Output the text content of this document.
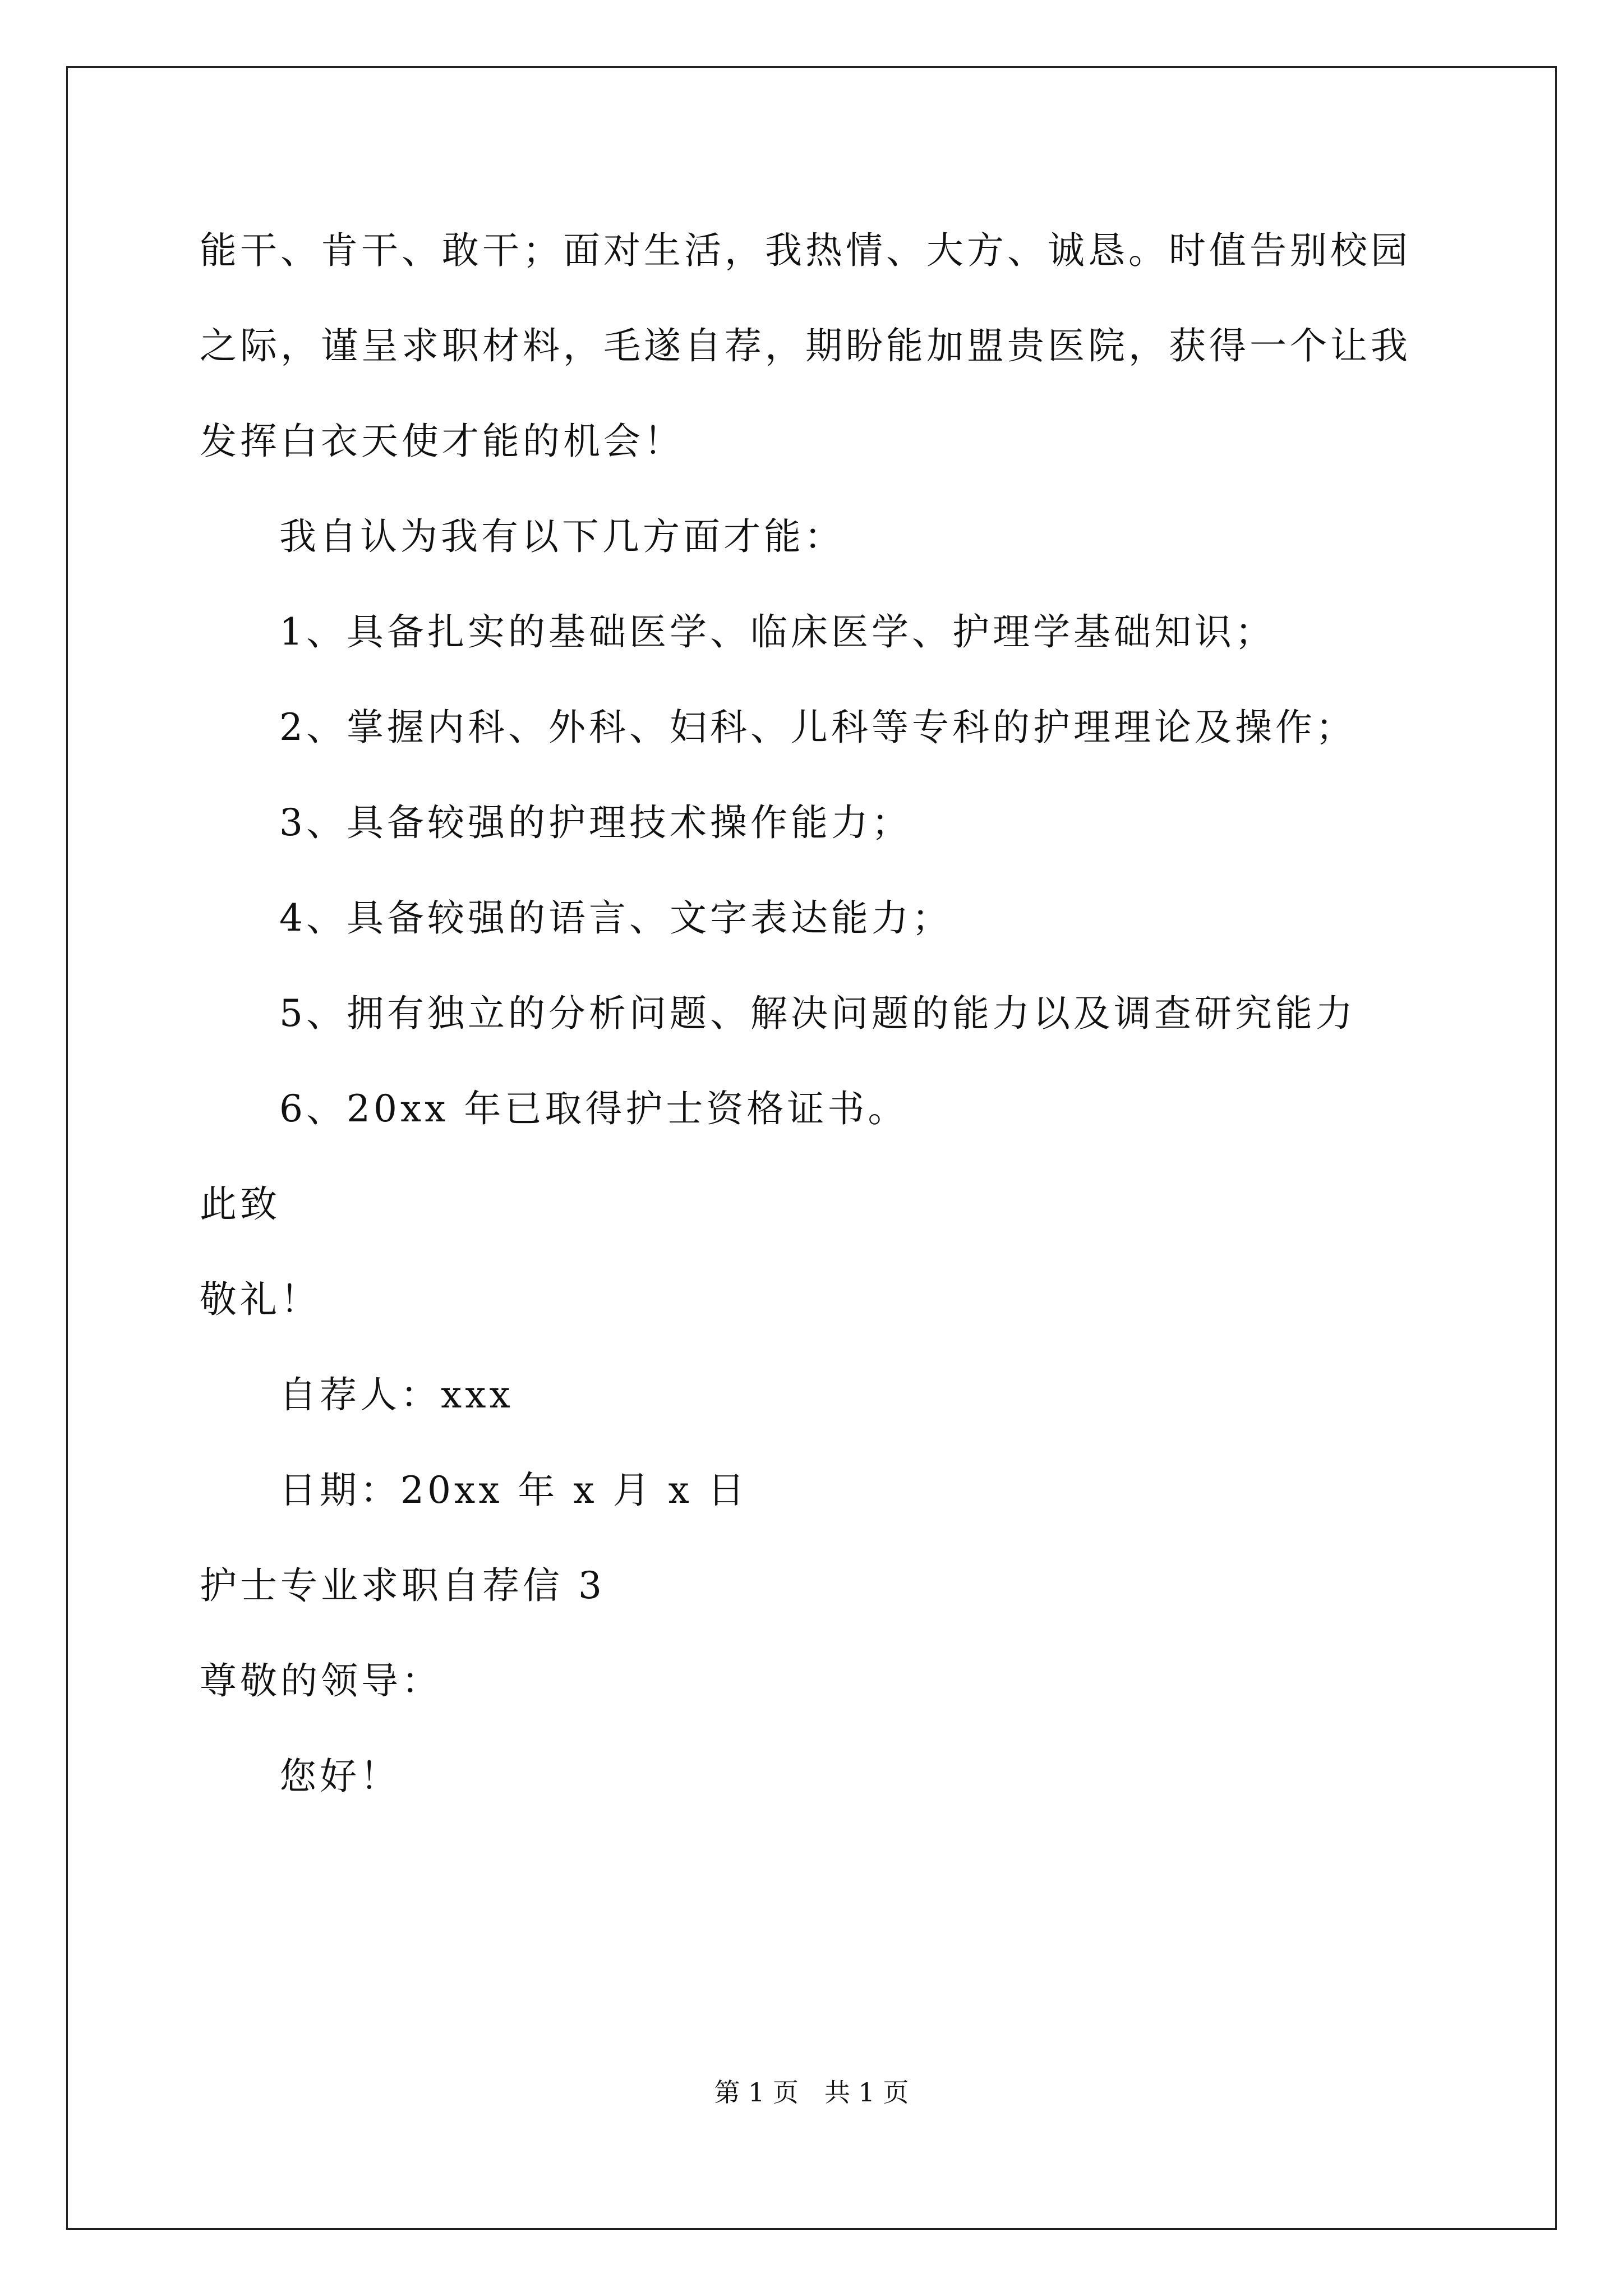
能干、肯干、敢干；面对生活，我热情、大方、诚恳。时值告别校园
之际，谨呈求职材料，毛遂自荐，期盼能加盟贵医院，获得一个让我
发挥白衣天使才能的机会！
我自认为我有以下几方面才能：
1、具备扎实的基础医学、临床医学、护理学基础知识；
2、掌握内科、外科、妇科、儿科等专科的护理理论及操作；
3、具备较强的护理技术操作能力；
4、具备较强的语言、文字表达能力；
5、拥有独立的分析问题、解决问题的能力以及调查研究能力
6、20xx 年已取得护士资格证书。
此致
敬礼！
自荐人：xxx
日期：20xx 年 x 月 x 日
护士专业求职自荐信 3
尊敬的领导：
您好！
第 1 页　共 1 页
